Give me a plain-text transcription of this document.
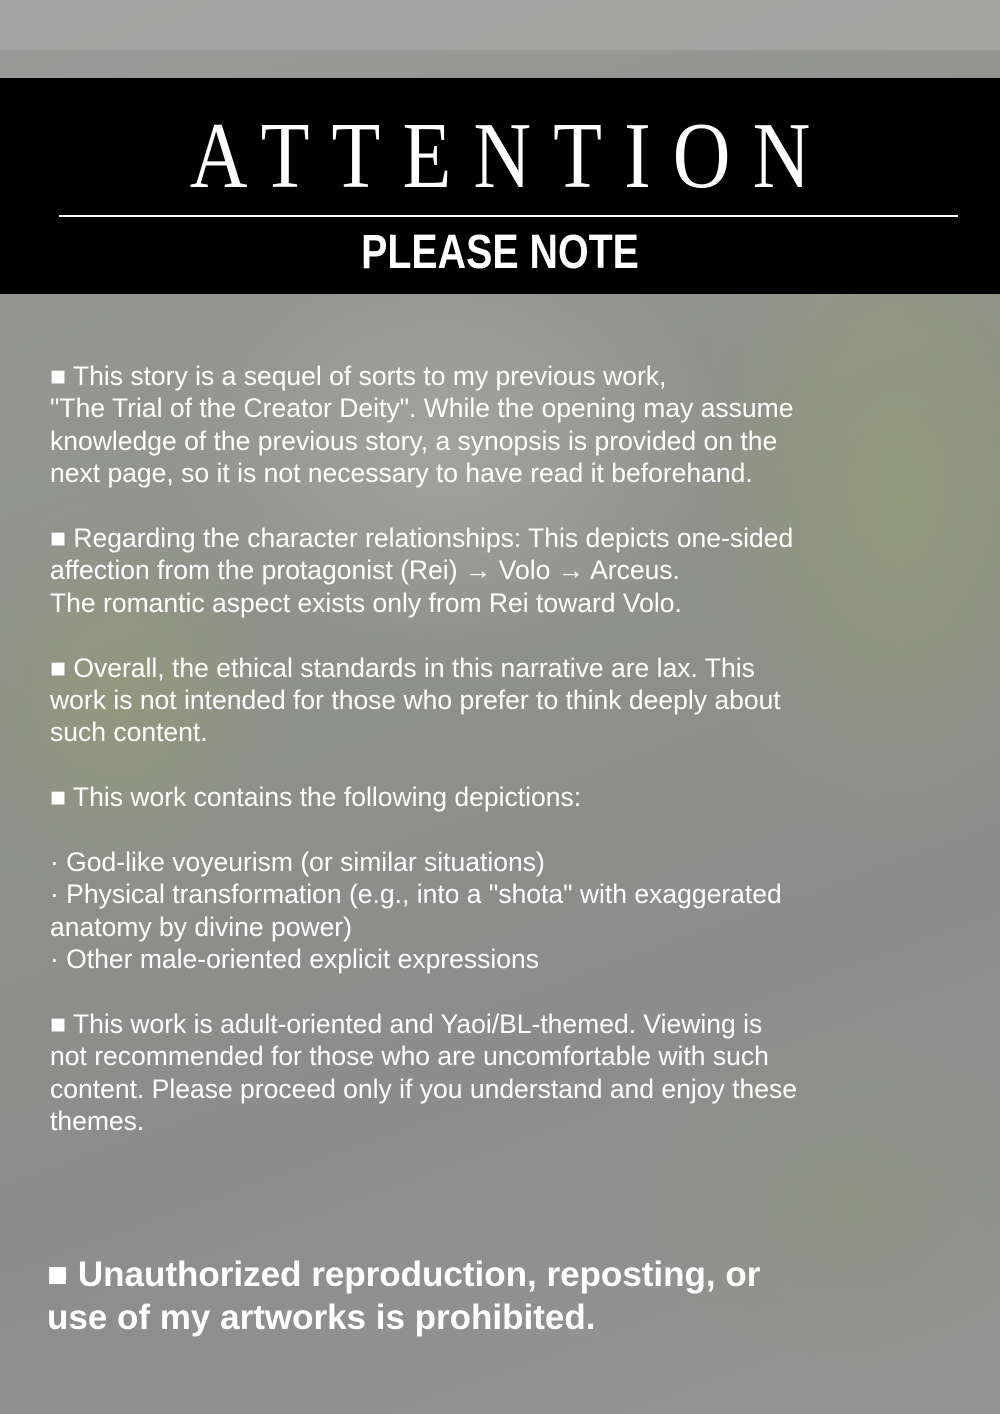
ATTENTION
PLEASE NOTE
■ This story is a sequel of sorts to my previous work,
"The Trial of the Creator Deity". While the opening may assume
knowledge of the previous story, a synopsis is provided on the
next page, so it is not necessary to have read it beforehand.
■ Regarding the character relationships: This depicts one-sided
affection from the protagonist (Rei) → Volo → Arceus.
The romantic aspect exists only from Rei toward Volo.
■ Overall, the ethical standards in this narrative are lax. This
work is not intended for those who prefer to think deeply about
such content.
■ This work contains the following depictions:
· God-like voyeurism (or similar situations)
· Physical transformation (e.g., into a "shota" with exaggerated
anatomy by divine power)
· Other male-oriented explicit expressions
■ This work is adult-oriented and Yaoi/BL-themed. Viewing is
not recommended for those who are uncomfortable with such
content. Please proceed only if you understand and enjoy these
themes.
■ Unauthorized reproduction, reposting, or
use of my artworks is prohibited.
